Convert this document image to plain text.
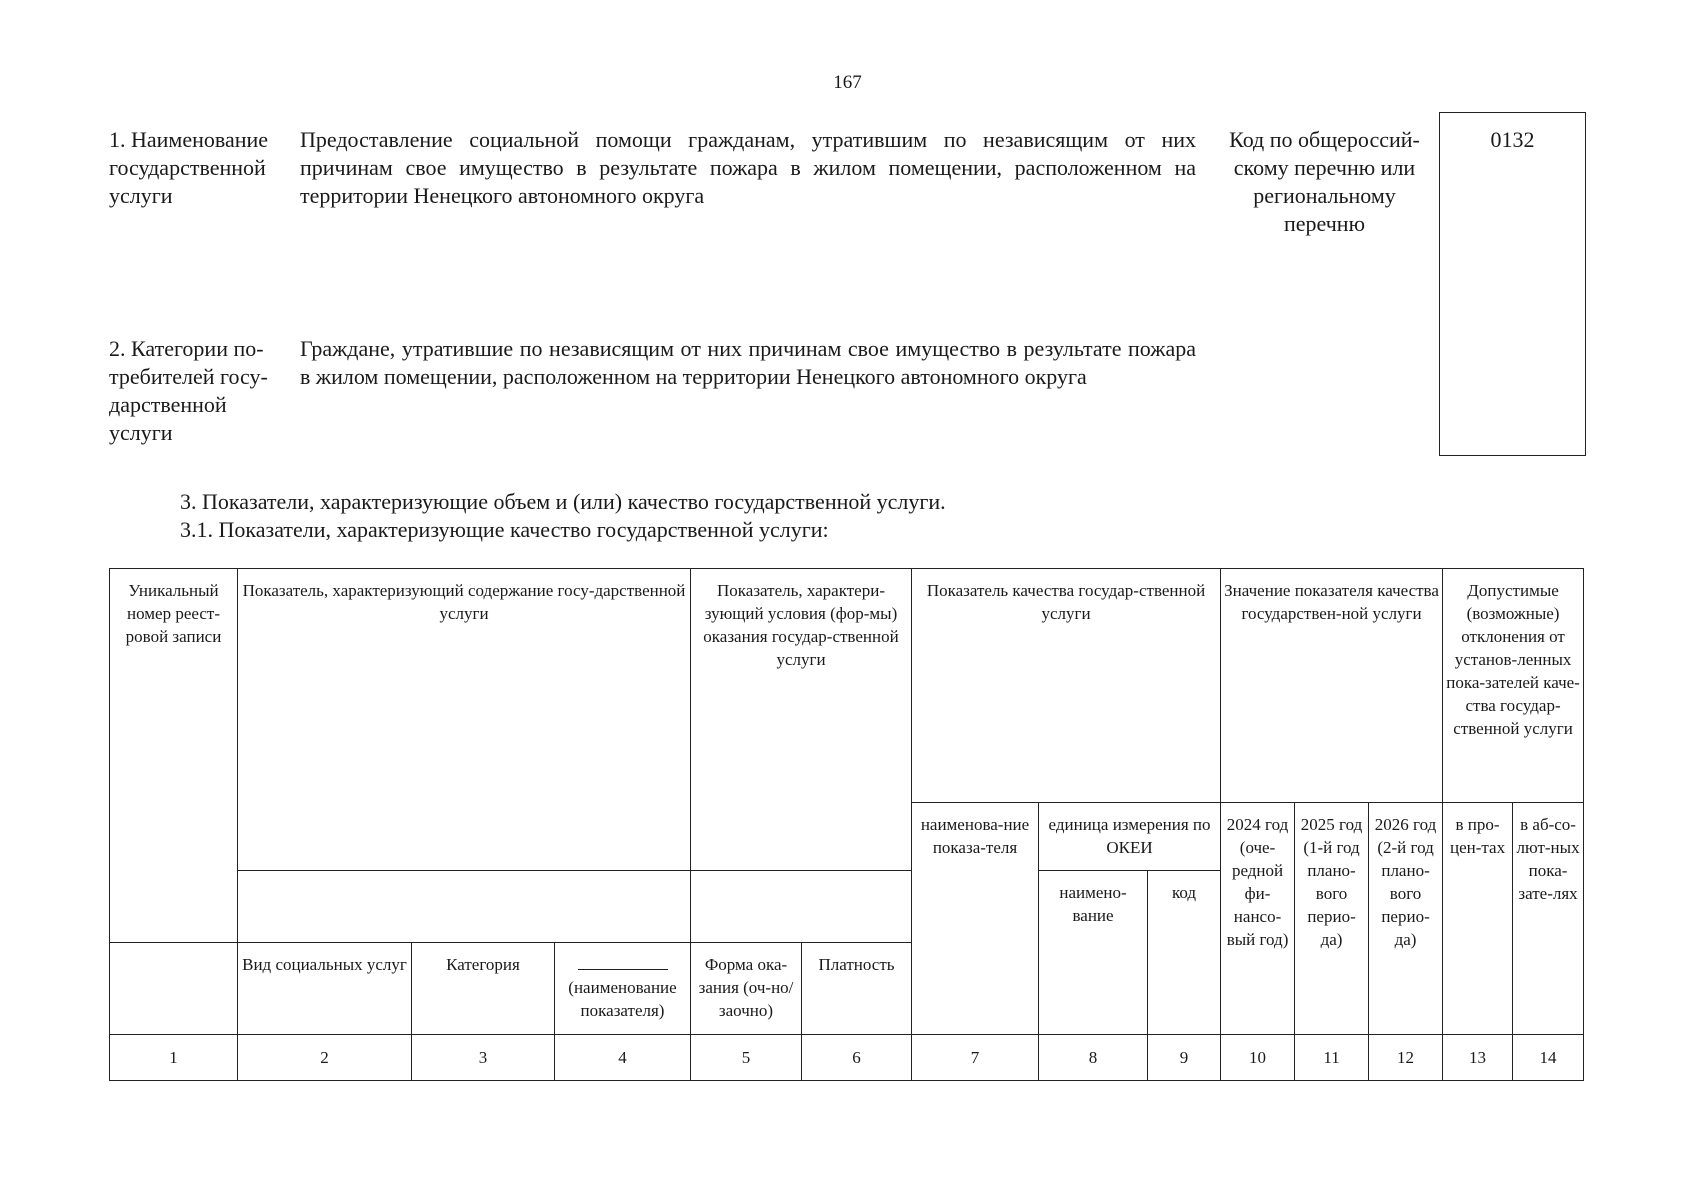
167
1. Наименование государственной услуги
Предоставление социальной помощи гражданам, утратившим по независящим от них причинам свое имущество в результате пожара в жилом помещении, расположенном на территории Ненецкого автономного округа
Код по общероссий-скому перечню или региональному перечню
0132
2. Категории по-требителей госу-дарственной услуги
Граждане, утратившие по независящим от них причинам свое имущество в результате пожара в жилом помещении, расположенном на территории Ненецкого автономного округа
3. Показатели, характеризующие объем и (или) качество государственной услуги.
3.1. Показатели, характеризующие качество государственной услуги:
Уникальный номер реест-ровой записи	Показатель, характеризующий содержание госу-дарственной услуги			Показатель, характери-зующий условия (фор-мы) оказания государ-ственной услуги		Показатель качества государ-ственной услуги			Значение показателя качества государствен-ной услуги			Допустимые (возможные) отклонения от установ-ленных пока-зателей каче-ства государ-ственной услуги	
						наименова-ние показа-теля	единица измерения по ОКЕИ		2024 год (оче-редной фи-нансо-вый год)	2025 год (1-й год плано-вого перио-да)	2026 год (2-й год плано-вого перио-да)	в про-цен-тах	в аб-со-лют-ных пока-зате-лях
							наимено-вание	код					
	Вид социальных услуг	Категория	(наименование показателя)	Форма ока-зания (оч-но/заочно)	Платность								
1	2	3	4	5	6	7	8	9	10	11	12	13	14
